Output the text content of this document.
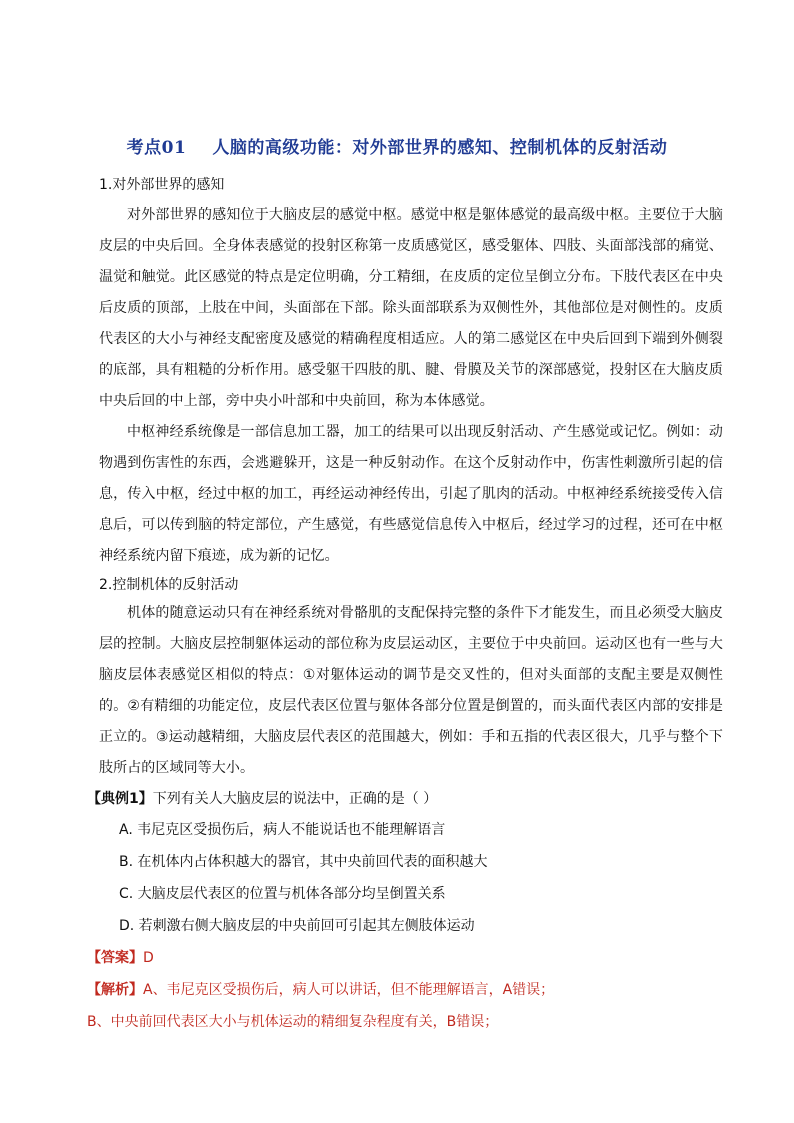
考点01 人脑的高级功能：对外部世界的感知、控制机体的反射活动

1.对外部世界的感知

对外部世界的感知位于大脑皮层的感觉中枢。感觉中枢是躯体感觉的最高级中枢。主要位于大脑皮层的中央后回。全身体表感觉的投射区称第一皮质感觉区，感受躯体、四肢、头面部浅部的痛觉、温觉和触觉。此区感觉的特点是定位明确，分工精细，在皮质的定位呈倒立分布。下肢代表区在中央后皮质的顶部，上肢在中间，头面部在下部。除头面部联系为双侧性外，其他部位是对侧性的。皮质代表区的大小与神经支配密度及感觉的精确程度相适应。人的第二感觉区在中央后回到下端到外侧裂的底部，具有粗糙的分析作用。感受躯干四肢的肌、腱、骨膜及关节的深部感觉，投射区在大脑皮质中央后回的中上部，旁中央小叶部和中央前回，称为本体感觉。

中枢神经系统像是一部信息加工器，加工的结果可以出现反射活动、产生感觉或记忆。例如：动物遇到伤害性的东西，会逃避躲开，这是一种反射动作。在这个反射动作中，伤害性刺激所引起的信息，传入中枢，经过中枢的加工，再经运动神经传出，引起了肌肉的活动。中枢神经系统接受传入信息后，可以传到脑的特定部位，产生感觉，有些感觉信息传入中枢后，经过学习的过程，还可在中枢神经系统内留下痕迹，成为新的记忆。

2.控制机体的反射活动

机体的随意运动只有在神经系统对骨骼肌的支配保持完整的条件下才能发生，而且必须受大脑皮层的控制。大脑皮层控制躯体运动的部位称为皮层运动区，主要位于中央前回。运动区也有一些与大脑皮层体表感觉区相似的特点：①对躯体运动的调节是交叉性的，但对头面部的支配主要是双侧性的。②有精细的功能定位，皮层代表区位置与躯体各部分位置是倒置的，而头面代表区内部的安排是正立的。③运动越精细，大脑皮层代表区的范围越大，例如：手和五指的代表区很大，几乎与整个下肢所占的区域同等大小。

【典例1】下列有关人大脑皮层的说法中，正确的是（ ）

A. 韦尼克区受损伤后，病人不能说话也不能理解语言

B. 在机体内占体积越大的器官，其中央前回代表的面积越大

C. 大脑皮层代表区的位置与机体各部分均呈倒置关系

D. 若刺激右侧大脑皮层的中央前回可引起其左侧肢体运动

【答案】D

【解析】A、韦尼克区受损伤后，病人可以讲话，但不能理解语言，A错误；

B、中央前回代表区大小与机体运动的精细复杂程度有关，B错误；
